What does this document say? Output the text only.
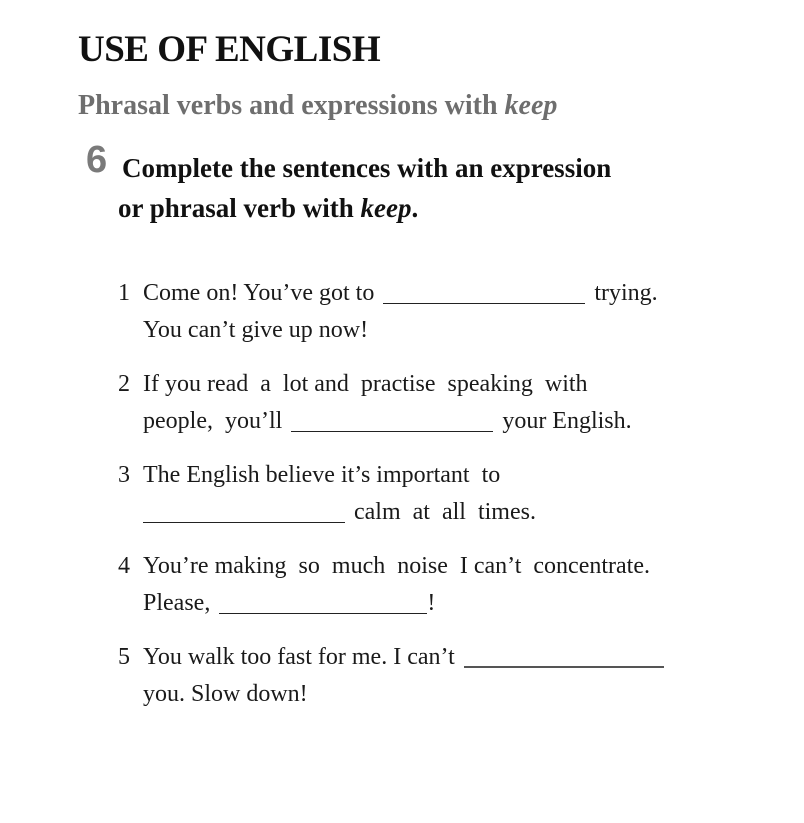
USE OF ENGLISH
Phrasal verbs and expressions with keep
6 Complete the sentences with an expression
or phrasal verb with keep.

1 Come on! You’ve got to	trying.
You can’t give up now!
2 If you read  a  lot and  practise  speaking  with
people,  you’ll	your English.
3 The English believe it’s important  to
calm  at  all  times.
4 You’re making  so  much  noise  I can’t  concentrate.
Please,	!
5 You walk too fast for me. I can’t
you. Slow down!
